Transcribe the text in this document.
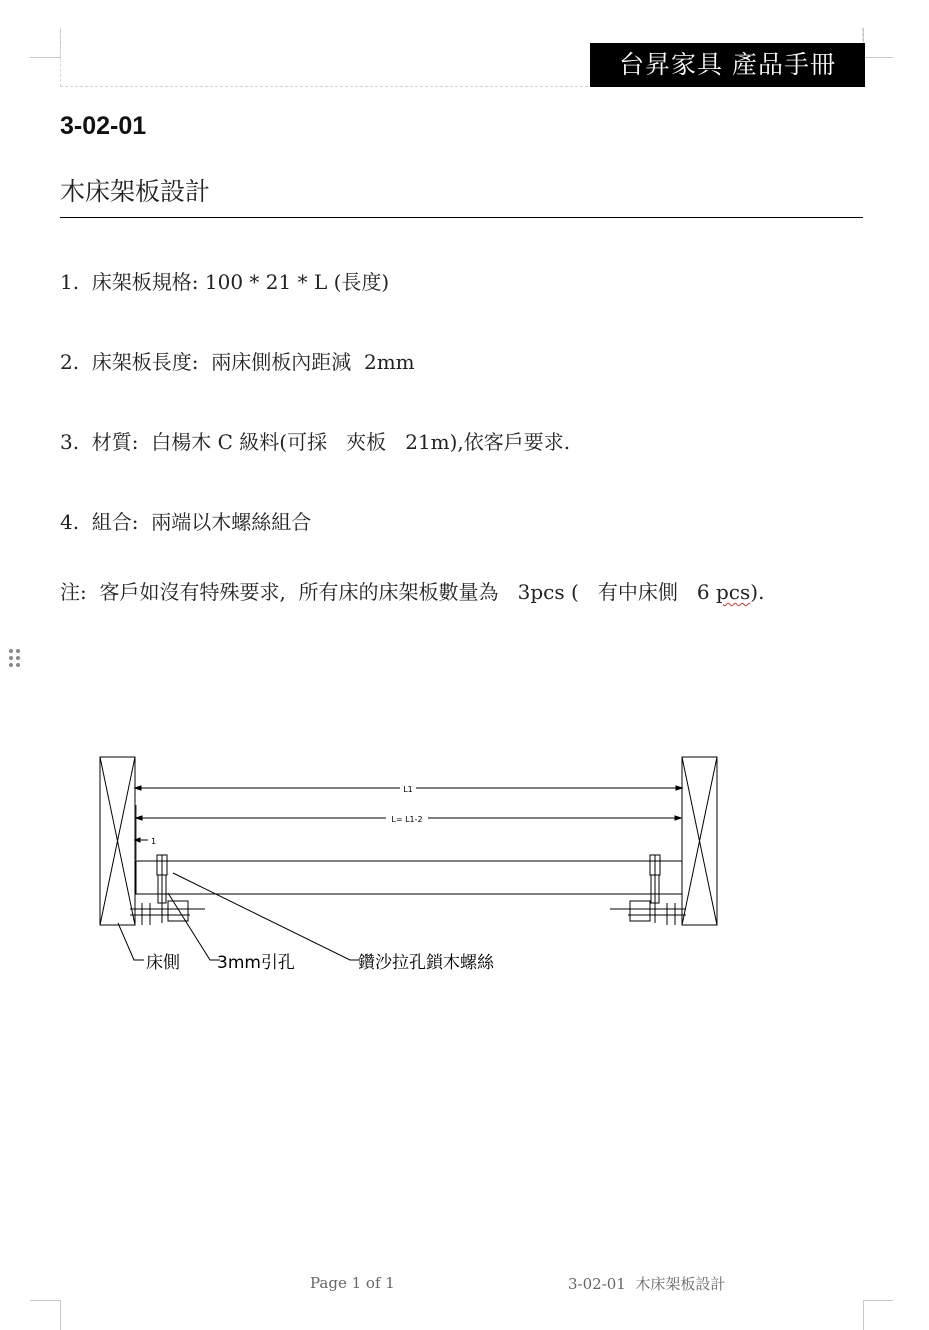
台昇家具 產品手冊
3-02-01
木床架板設計
1.  床架板規格: 100 * 21 * L (長度)
2.  床架板長度:  兩床側板內距減  2mm
3.  材質:  白楊木 C 級料(可採   夾板   21m),依客戶要求.
4.  組合:  兩端以木螺絲組合
注:  客戶如沒有特殊要求,  所有床的床架板數量為   3pcs (   有中床側   6 pcs).
L1
L= L1-2
1
床側 3mm引孔	鑽沙拉孔鎖木螺絲
Page 1 of 1	3-02-01  木床架板設計
